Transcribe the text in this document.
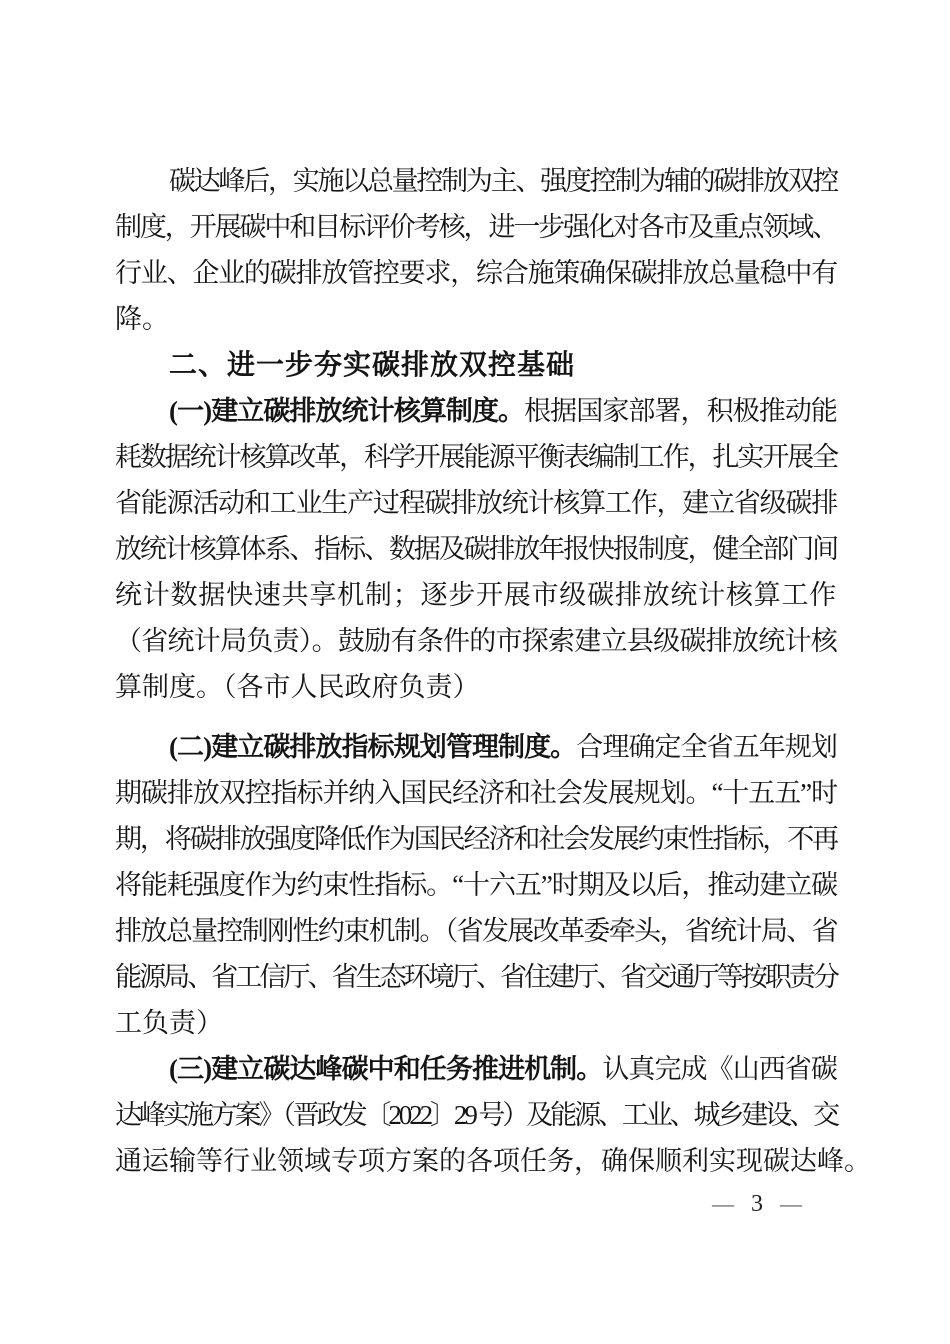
碳达峰后，实施以总量控制为主、强度控制为辅的碳排放双控
制度，开展碳中和目标评价考核，进一步强化对各市及重点领域、
行业、企业的碳排放管控要求，综合施策确保碳排放总量稳中有
降。
二、进一步夯实碳排放双控基础
(一)建立碳排放统计核算制度。根据国家部署，积极推动能
耗数据统计核算改革，科学开展能源平衡表编制工作，扎实开展全
省能源活动和工业生产过程碳排放统计核算工作，建立省级碳排
放统计核算体系、指标、数据及碳排放年报快报制度，健全部门间
统计数据快速共享机制；逐步开展市级碳排放统计核算工作
（省统计局负责）。鼓励有条件的市探索建立县级碳排放统计核
算制度。（各市人民政府负责）
(二)建立碳排放指标规划管理制度。合理确定全省五年规划
期碳排放双控指标并纳入国民经济和社会发展规划。“十五五”时
期，将碳排放强度降低作为国民经济和社会发展约束性指标，不再
将能耗强度作为约束性指标。“十六五”时期及以后，推动建立碳
排放总量控制刚性约束机制。（省发展改革委牵头，省统计局、省
能源局、省工信厅、省生态环境厅、省住建厅、省交通厅等按职责分
工负责）
(三)建立碳达峰碳中和任务推进机制。认真完成《山西省碳
达峰实施方案》（晋政发〔2022〕29 号）及能源、工业、城乡建设、交
通运输等行业领域专项方案的各项任务，确保顺利实现碳达峰。
— 3 —
